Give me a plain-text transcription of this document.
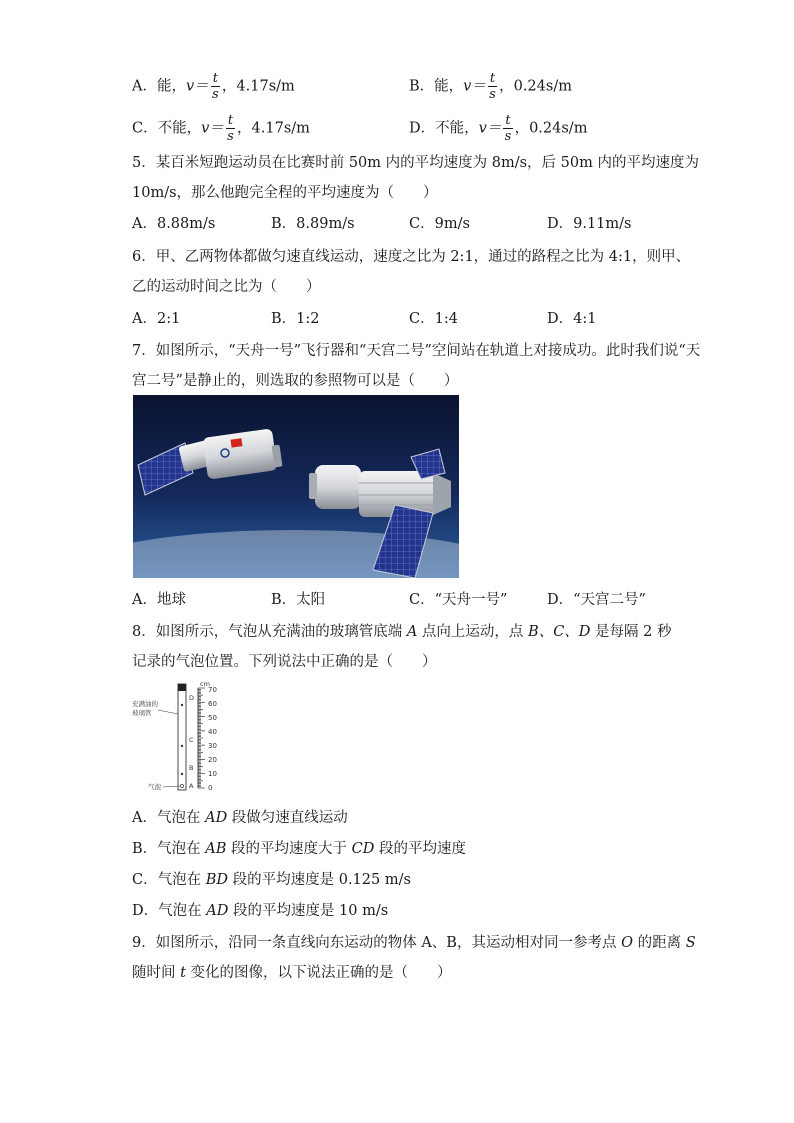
A．能，$v= \frac{t}{s}$ ，4.17s/m	B．能，$v= \frac{t}{s}$ ，0.24s/m
C．不能，$v= \frac{t}{s}$ ，4.17s/m	D．不能，$v= \frac{t}{s}$ ，0.24s/m
5．某百米短跑运动员在比赛时前 50m 内的平均速度为 8m/s，后 50m 内的平均速度为
10m/s，那么他跑完全程的平均速度为（　　）
A．8.88m/s	B．8.89m/s	C．9m/s	D．9.11m/s
6．甲、乙两物体都做匀速直线运动，速度之比为 2:1，通过的路程之比为 4:1，则甲、
乙的运动时间之比为（　　）
A．2:1	B．1:2	C．1:4	D．4:1
7．如图所示，“天舟一号”飞行器和“天宫二号”空间站在轨道上对接成功。此时我们说“天
宫二号”是静止的，则选取的参照物可以是（　　）
A．地球	B．太阳	C．“天舟一号”	D．“天宫二号”
8．如图所示，气泡从充满油的玻璃管底端 A 点向上运动，点 B、C、D 是每隔 2 秒
记录的气泡位置。下列说法中正确的是（　　）
cm
70
60
50
40
30
20
10
0
D
C
B
A
充满油的
玻璃管
气泡
A．气泡在 AD 段做匀速直线运动
B．气泡在 AB 段的平均速度大于 CD 段的平均速度
C．气泡在 BD 段的平均速度是 0.125 m/s
D．气泡在 AD 段的平均速度是 10 m/s
9．如图所示，沿同一条直线向东运动的物体 A、B，其运动相对同一参考点 O 的距离 S
随时间 t 变化的图像，以下说法正确的是（　　）
